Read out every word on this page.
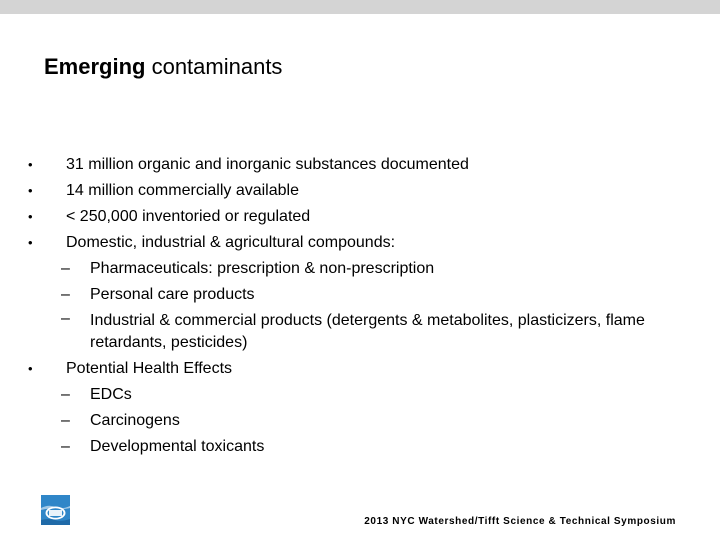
Emerging contaminants
• 31 million organic and inorganic substances documented
• 14 million commercially available
• < 250,000 inventoried or regulated
• Domestic, industrial & agricultural compounds:
– Pharmaceuticals: prescription & non-prescription
– Personal care products
– Industrial & commercial products (detergents & metabolites, plasticizers, flame retardants, pesticides)
• Potential Health Effects
– EDCs
– Carcinogens
– Developmental toxicants
2013 NYC Watershed/Tifft Science & Technical Symposium
